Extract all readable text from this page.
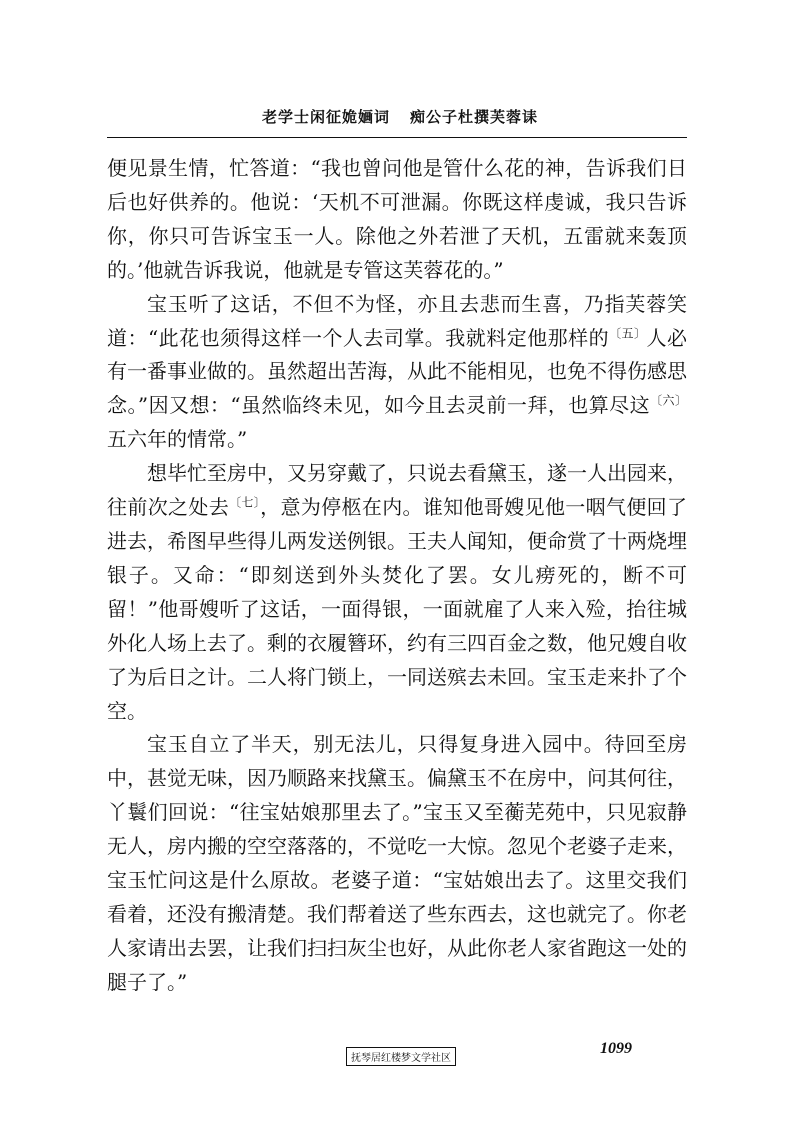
老学士闲征姽婳词 痴公子杜撰芙蓉诔

便见景生情，忙答道：“我也曾问他是管什么花的神，告诉我们日后也好供养的。他说：‘天机不可泄漏。你既这样虔诚，我只告诉你，你只可告诉宝玉一人。除他之外若泄了天机，五雷就来轰顶的。’他就告诉我说，他就是专管这芙蓉花的。”

宝玉听了这话，不但不为怪，亦且去悲而生喜，乃指芙蓉笑道：“此花也须得这样一个人去司掌。我就料定他那样的$^{〔五〕}$人必有一番事业做的。虽然超出苦海，从此不能相见，也免不得伤感思念。”因又想：“虽然临终未见，如今且去灵前一拜，也算尽这$^{〔六〕}$五六年的情常。”

想毕忙至房中，又另穿戴了，只说去看黛玉，遂一人出园来，往前次之处去$^{〔七〕}$，意为停柩在内。谁知他哥嫂见他一咽气便回了进去，希图早些得儿两发送例银。王夫人闻知，便命赏了十两烧埋银子。又命：“即刻送到外头焚化了罢。女儿痨死的，断不可留！”他哥嫂听了这话，一面得银，一面就雇了人来入殓，抬往城外化人场上去了。剩的衣履簪环，约有三四百金之数，他兄嫂自收了为后日之计。二人将门锁上，一同送殡去未回。宝玉走来扑了个空。

宝玉自立了半天，别无法儿，只得复身进入园中。待回至房中，甚觉无味，因乃顺路来找黛玉。偏黛玉不在房中，问其何往，丫鬟们回说：“往宝姑娘那里去了。”宝玉又至蘅芜苑中，只见寂静无人，房内搬的空空落落的，不觉吃一大惊。忽见个老婆子走来，宝玉忙问这是什么原故。老婆子道：“宝姑娘出去了。这里交我们看着，还没有搬清楚。我们帮着送了些东西去，这也就完了。你老人家请出去罢，让我们扫扫灰尘也好，从此你老人家省跑这一处的腿子了。”

抚琴居红楼梦文学社区
1099
